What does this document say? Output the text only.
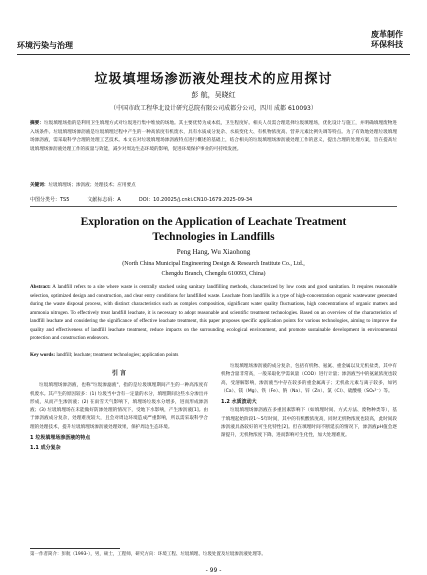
环境污染与治理
废革制作
环保科技
垃圾填埋场渗沥液处理技术的应用探讨
彭 航，吴晓红
（中国市政工程华北设计研究总院有限公司成都分公司，四川 成都 610093）
摘要：垃圾填埋场指的是利用卫生填埋方式对垃圾进行集中堆放的场地。其主要优势为成本低，卫生程度好。相关人员需合理选择垃圾填埋场，优化设计与施工，并明确填埋废物进入场条件。垃圾填埋场渗沥液是垃圾填埋过程中产生的一种高浓度有机废水，具有水质成分复杂、水质变化大、有机物浓度高、营养元素比例失调等特点。为了有效地处理垃圾填埋场渗沥液，需采取科学合理的处理工艺技术。本文在对垃圾填埋场渗沥液特点进行概述的基础上，结合相关的垃圾填埋场渗沥液处理工作的意义，提出合理的处理方案，旨在提高垃圾填埋场渗沥液处理工作的质量与效能，减少对周边生态环境的影响，促进环境保护事业的可持续发展。
关键词：垃圾填埋场；渗沥液；处理技术；应用要点
中图分类号：TS5	文献标志码：A	DOI：10.20025/j.cnki.CN10-1679.2025-09-34
Exploration on the Application of Leachate Treatment
Technologies in Landfills
Peng Hang, Wu Xiaohong
(North China Municipal Engineering Design & Research Institute Co., Ltd.,
Chengdu Branch, Chengdu 610093, China)
Abstract: A landfill refers to a site where waste is centrally stacked using sanitary landfilling methods, characterized by low costs and good sanitation. It requires reasonable selection, optimized design and construction, and clear entry conditions for landfilled waste. Leachate from landfills is a type of high-concentration organic wastewater generated during the waste disposal process, with distinct characteristics such as complex composition, significant water quality fluctuations, high concentrations of organic matters and ammonia nitrogen. To effectively treat landfill leachate, it is necessary to adopt reasonable and scientific treatment technologies. Based on an overview of the characteristics of landfill leachate and considering the significance of effective leachate treatment, this paper proposes specific application points for various technologies, aiming to improve the quality and effectiveness of landfill leachate treatment, reduce impacts on the surrounding ecological environment, and promote sustainable development in environmental protection and construction endeavors.
Key words: landfill; leachate; treatment technologies; application points
引 言

垃圾填埋场渗沥液，也称"垃圾渗滤液"，指的是垃圾填埋期间产生的一种高浓度有机废水。其产生的原因较多：(1) 垃圾当中含有一定量的水分，填埋期间这些水分渗出并形成，从而产生渗沥液；(2) 在雨雪天气影响下，填埋场垃圾水分增多，进而形成渗沥液；(3) 垃圾填埋场在未能做好防渗处理的情况下，受地下水影响，产生渗沥液[1]。由于渗沥液成分复杂，处理难度较大，且会对周边环境造成严重影响，所以需采取科学合理的处理技术，提升垃圾填埋场渗沥液处理效果，保护周边生态环境。

1 垃圾填埋场渗沥液的特点
1.1 成分复杂

垃圾填埋场渗沥液的成分复杂，包括有机物、氨氮、重金属以及无机盐类，其中有机物含量非常高，一般采取化学需氧量（COD）进行计量；渗沥液当中的氨氮浓度也较高，受溶解影响，渗沥液当中存在较多的重金属离子；无机盐元素与离子较多，如钙（Ca）、镁（Mg）、铁（Fe）、钠（Na）、锌（Zn）、氯（Cl）、硫酸根（SO₄²⁻）等。

1.2 水质波动大

垃圾填埋场渗沥液在多重因素影响下（如填埋时间、方式方法、废物种类等），基于填埋起始阶段1～5年时间，其中的有机酸浓度高，同时无机物浓度也较高，此时间段渗沥液具备较好的可生化特性[2]。但在填埋时间不断延长的情况下，渗沥液pH值会逐渐提升，无机物浓度下降，进而影响可生化性，加大处理难度。

第一作者简介：彭航（1993-），男，硕士，工程师，研究方向：环境工程、垃圾填埋、垃圾处置及垃圾渗沥液处理等。
- 99 -
